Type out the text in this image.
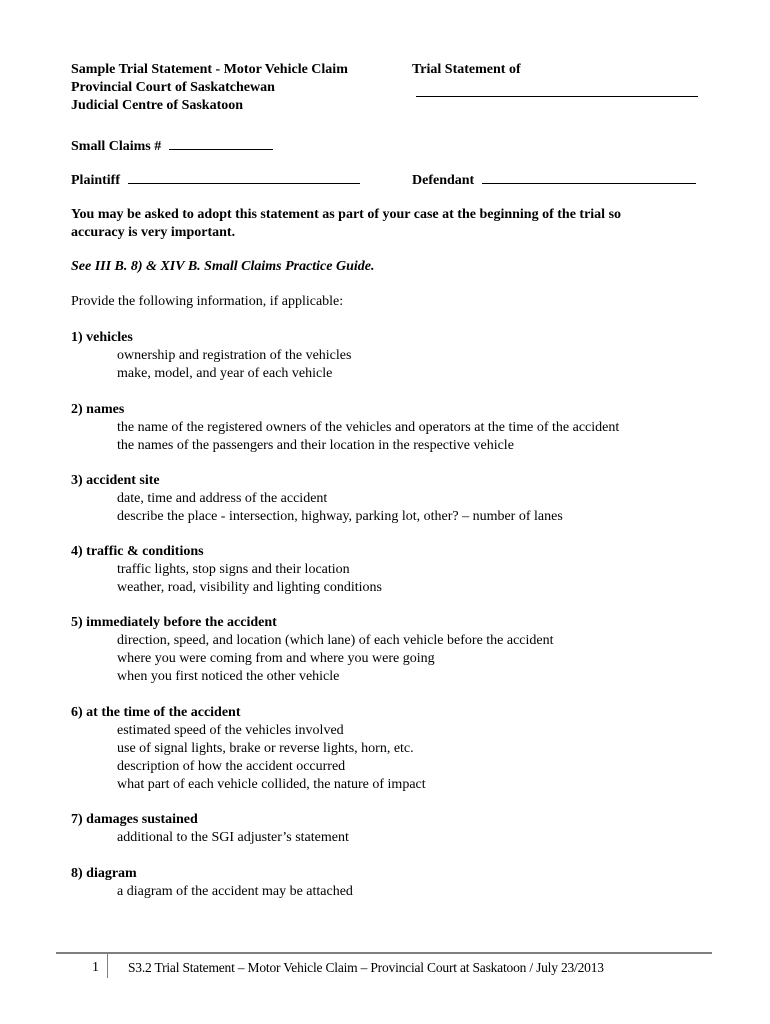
Sample Trial Statement - Motor Vehicle Claim
Provincial Court of Saskatchewan
Judicial Centre of Saskatoon
Trial Statement of
Small Claims #
Plaintiff	Defendant
You may be asked to adopt this statement as part of your case at the beginning of the trial so
accuracy is very important.
See III B. 8) & XIV B. Small Claims Practice Guide.
Provide the following information, if applicable:
1) vehicles
ownership and registration of the vehicles
make, model, and year of each vehicle
2) names
the name of the registered owners of the vehicles and operators at the time of the accident
the names of the passengers and their location in the respective vehicle
3) accident site
date, time and address of the accident
describe the place - intersection, highway, parking lot, other? – number of lanes
4) traffic & conditions
traffic lights, stop signs and their location
weather, road, visibility and lighting conditions
5) immediately before the accident
direction, speed, and location (which lane) of each vehicle before the accident
where you were coming from and where you were going
when you first noticed the other vehicle
6) at the time of the accident
estimated speed of the vehicles involved
use of signal lights, brake or reverse lights, horn, etc.
description of how the accident occurred
what part of each vehicle collided, the nature of impact
7) damages sustained
additional to the SGI adjuster’s statement
8) diagram
a diagram of the accident may be attached
1 S3.2 Trial Statement – Motor Vehicle Claim – Provincial Court at Saskatoon / July 23/2013
